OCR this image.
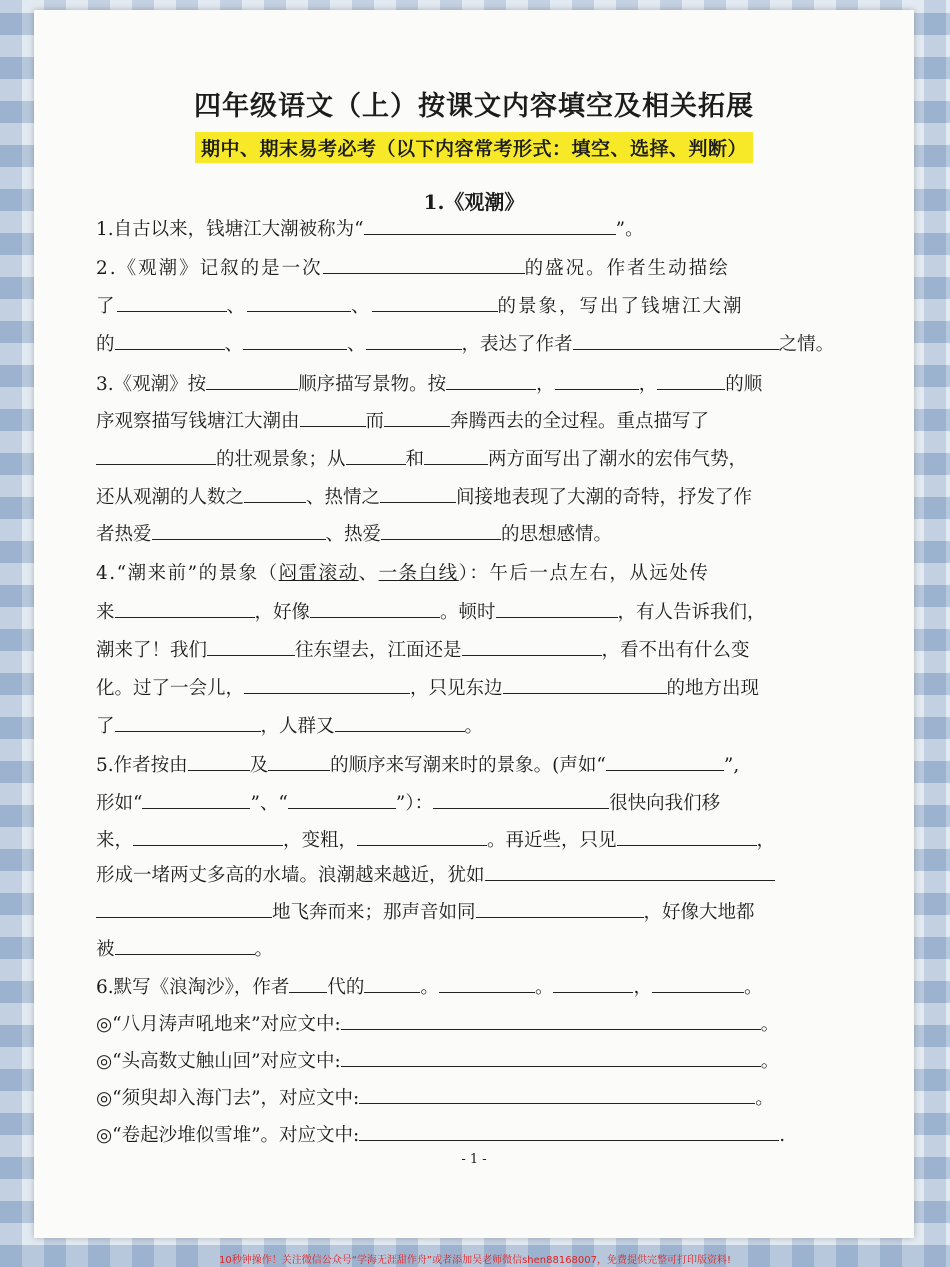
四年级语文（上）按课文内容填空及相关拓展
期中、期末易考必考（以下内容常考形式：填空、选择、判断）
1.《观潮》
1.自古以来，钱塘江大潮被称为“	”。
2.《观潮》记叙的是一次	的盛况。作者生动描绘
了	、	、	的景象，写出了钱塘江大潮
的	、	、	，表达了作者	之情。
3.《观潮》按	顺序描写景物。按	，	，	的顺
序观察描写钱塘江大潮由	而	奔腾西去的全过程。重点描写了
的壮观景象；从	和	两方面写出了潮水的宏伟气势，
还从观潮的人数之	、热情之	间接地表现了大潮的奇特，抒发了作
者热爱	、热爱	的思想感情。
4.“潮来前”的景象（闷雷滚动、一条白线）：午后一点左右，从远处传
来	，好像	。顿时	，有人告诉我们，
潮来了！我们	往东望去，江面还是	，看不出有什么变
化。过了一会儿，	，只见东边	的地方出现
了	，人群又	。
5.作者按由	及	的顺序来写潮来时的景象。(声如“	”,
形如“	”、“	”）：	很快向我们移
来，	，变粗，	。再近些，只见	，
形成一堵两丈多高的水墙。浪潮越来越近，犹如
地飞奔而来；那声音如同	，好像大地都
被	。
6.默写《浪淘沙》，作者 代的	。	。	，	。
◎“八月涛声吼地来”对应文中:	。
◎“头高数丈触山回”对应文中:	。
◎“须臾却入海门去”，对应文中:	。
◎“卷起沙堆似雪堆”。对应文中:	.
- 1 -
10秒钟操作！关注微信公众号“学海无涯甜作舟”或者添加吴老师微信shen88168007，免费提供完整可打印版资料!
